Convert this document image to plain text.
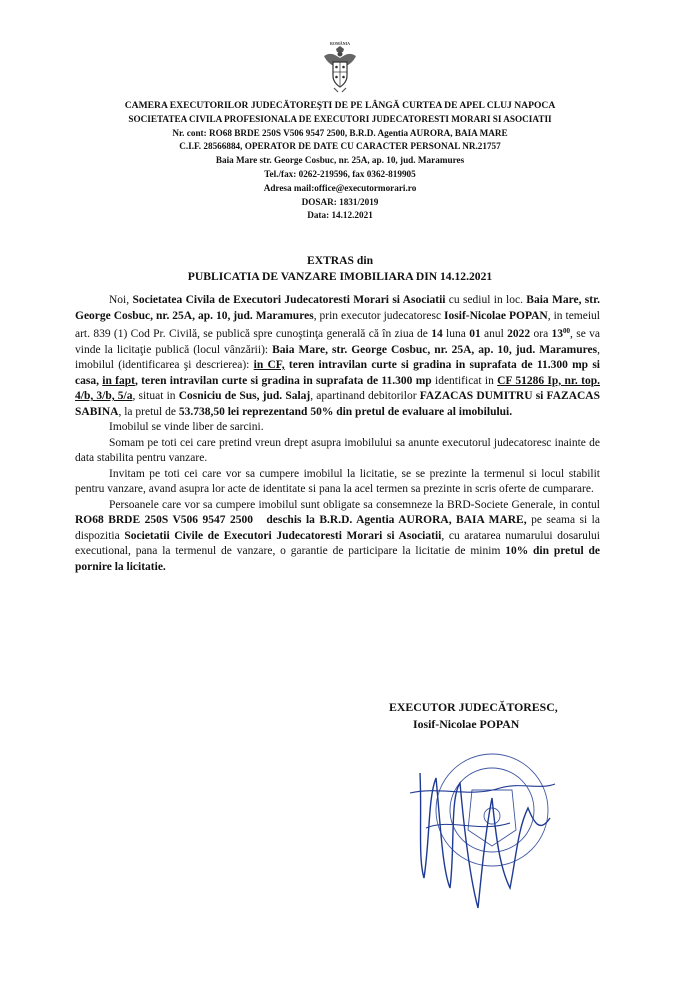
ROMÂNIA
CAMERA EXECUTORILOR JUDECĂTOREŞTI DE PE LÂNGĂ CURTEA DE APEL CLUJ NAPOCA
SOCIETATEA CIVILA PROFESIONALA DE EXECUTORI JUDECATORESTI MORARI SI ASOCIATII
Nr. cont: RO68 BRDE 250S V506 9547 2500, B.R.D. Agentia AURORA, BAIA MARE
C.I.F. 28566884, OPERATOR DE DATE CU CARACTER PERSONAL NR.21757
Baia Mare str. George Cosbuc, nr. 25A, ap. 10, jud. Maramures
Tel./fax: 0262-219596, fax 0362-819905
Adresa mail:office@executormorari.ro
DOSAR: 1831/2019
Data: 14.12.2021
EXTRAS din
PUBLICATIA DE VANZARE IMOBILIARA DIN 14.12.2021

Noi, Societatea Civila de Executori Judecatoresti Morari si Asociatii cu sediul in loc. Baia Mare, str. George Cosbuc, nr. 25A, ap. 10, jud. Maramures, prin executor judecatoresc Iosif-Nicolae POPAN, in temeiul art. 839 (1) Cod Pr. Civilă, se publică spre cunoştinţa generală că în ziua de 14 luna 01 anul 2022 ora $13^{00}$, se va vinde la licitaţie publică (locul vânzării): Baia Mare, str. George Cosbuc, nr. 25A, ap. 10, jud. Maramures, imobilul (identificarea şi descrierea): in CF, teren intravilan curte si gradina in suprafata de 11.300 mp si casa, in fapt, teren intravilan curte si gradina in suprafata de 11.300 mp identificat in CF 51286 Ip, nr. top. 4/b, 3/b, 5/a, situat in Cosniciu de Sus, jud. Salaj, apartinand debitorilor FAZACAS DUMITRU si FAZACAS SABINA, la pretul de 53.738,50 lei reprezentand 50% din pretul de evaluare al imobilului.

Imobilul se vinde liber de sarcini.

Somam pe toti cei care pretind vreun drept asupra imobilului sa anunte executorul judecatoresc inainte de data stabilita pentru vanzare.

Invitam pe toti cei care vor sa cumpere imobilul la licitatie, se se prezinte la termenul si locul stabilit pentru vanzare, avand asupra lor acte de identitate si pana la acel termen sa prezinte in scris oferte de cumparare.

Persoanele care vor sa cumpere imobilul sunt obligate sa consemneze la BRD-Societe Generale, in contul RO68 BRDE 250S V506 9547 2500 deschis la B.R.D. Agentia AURORA, BAIA MARE, pe seama si la dispozitia Societatii Civile de Executori Judecatoresti Morari si Asociatii, cu aratarea numarului dosarului executional, pana la termenul de vanzare, o garantie de participare la licitatie de minim 10% din pretul de pornire la licitatie.

EXECUTOR JUDECĂTORESC,
Iosif-Nicolae POPAN
